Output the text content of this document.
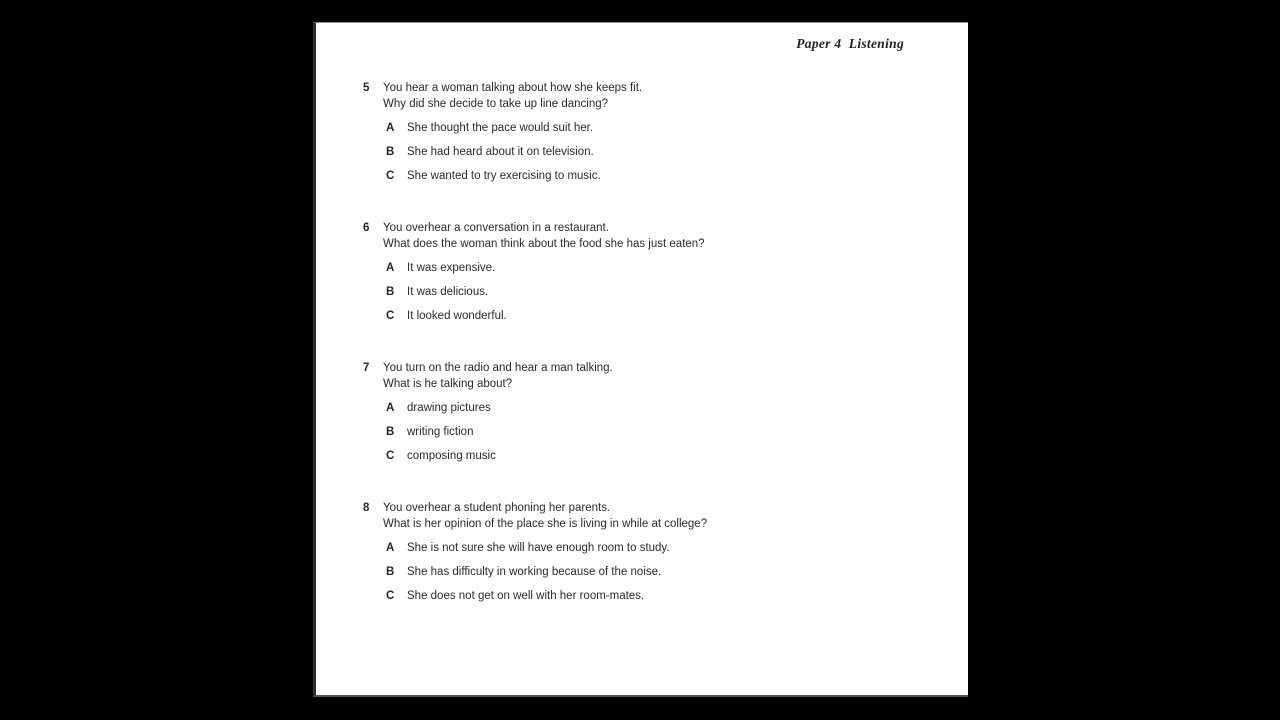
Paper 4  Listening
5	You hear a woman talking about how she keeps fit.
Why did she decide to take up line dancing?
A	She thought the pace would suit her.
B	She had heard about it on television.
C	She wanted to try exercising to music.
6	You overhear a conversation in a restaurant.
What does the woman think about the food she has just eaten?
A	It was expensive.
B	It was delicious.
C	It looked wonderful.
7	You turn on the radio and hear a man talking.
What is he talking about?
A	drawing pictures
B	writing fiction
C	composing music
8	You overhear a student phoning her parents.
What is her opinion of the place she is living in while at college?
A	She is not sure she will have enough room to study.
B	She has difficulty in working because of the noise.
C	She does not get on well with her room-mates.
